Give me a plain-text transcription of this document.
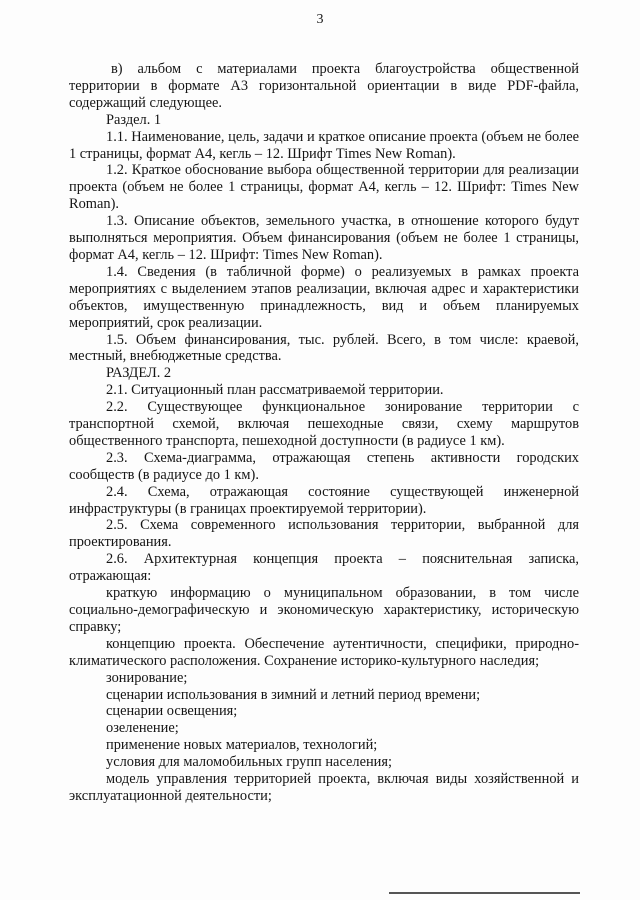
3

в) альбом с материалами проекта благоустройства общественной территории в формате А3 горизонтальной ориентации в виде PDF-файла, содержащий следующее.

Раздел. 1

1.1. Наименование, цель, задачи и краткое описание проекта (объем не более 1 страницы, формат А4, кегль – 12. Шрифт Times New Roman).

1.2. Краткое обоснование выбора общественной территории для реализации проекта (объем не более 1 страницы, формат А4, кегль – 12. Шрифт: Times New Roman).

1.3. Описание объектов, земельного участка, в отношение которого будут выполняться мероприятия. Объем финансирования (объем не более 1 страницы, формат А4, кегль – 12. Шрифт: Times New Roman).

1.4. Сведения (в табличной форме) о реализуемых в рамках проекта мероприятиях с выделением этапов реализации, включая адрес и характеристики объектов, имущественную принадлежность, вид и объем планируемых мероприятий, срок реализации.

1.5. Объем финансирования, тыс. рублей. Всего, в том числе: краевой, местный, внебюджетные средства.

РАЗДЕЛ. 2

2.1. Ситуационный план рассматриваемой территории.

2.2. Существующее функциональное зонирование территории с транспортной схемой, включая пешеходные связи, схему маршрутов общественного транспорта, пешеходной доступности (в радиусе 1 км).

2.3. Схема-диаграмма, отражающая степень активности городских сообществ (в радиусе до 1 км).

2.4. Схема, отражающая состояние существующей инженерной инфраструктуры (в границах проектируемой территории).

2.5. Схема современного использования территории, выбранной для проектирования.

2.6. Архитектурная концепция проекта – пояснительная записка, отражающая:

краткую информацию о муниципальном образовании, в том числе социально-демографическую и экономическую характеристику, историческую справку;

концепцию проекта. Обеспечение аутентичности, специфики, природно-климатического расположения. Сохранение историко-культурного наследия;

зонирование;

сценарии использования в зимний и летний период времени;

сценарии освещения;

озеленение;

применение новых материалов, технологий;

условия для маломобильных групп населения;

модель управления территорией проекта, включая виды хозяйственной и эксплуатационной деятельности;
